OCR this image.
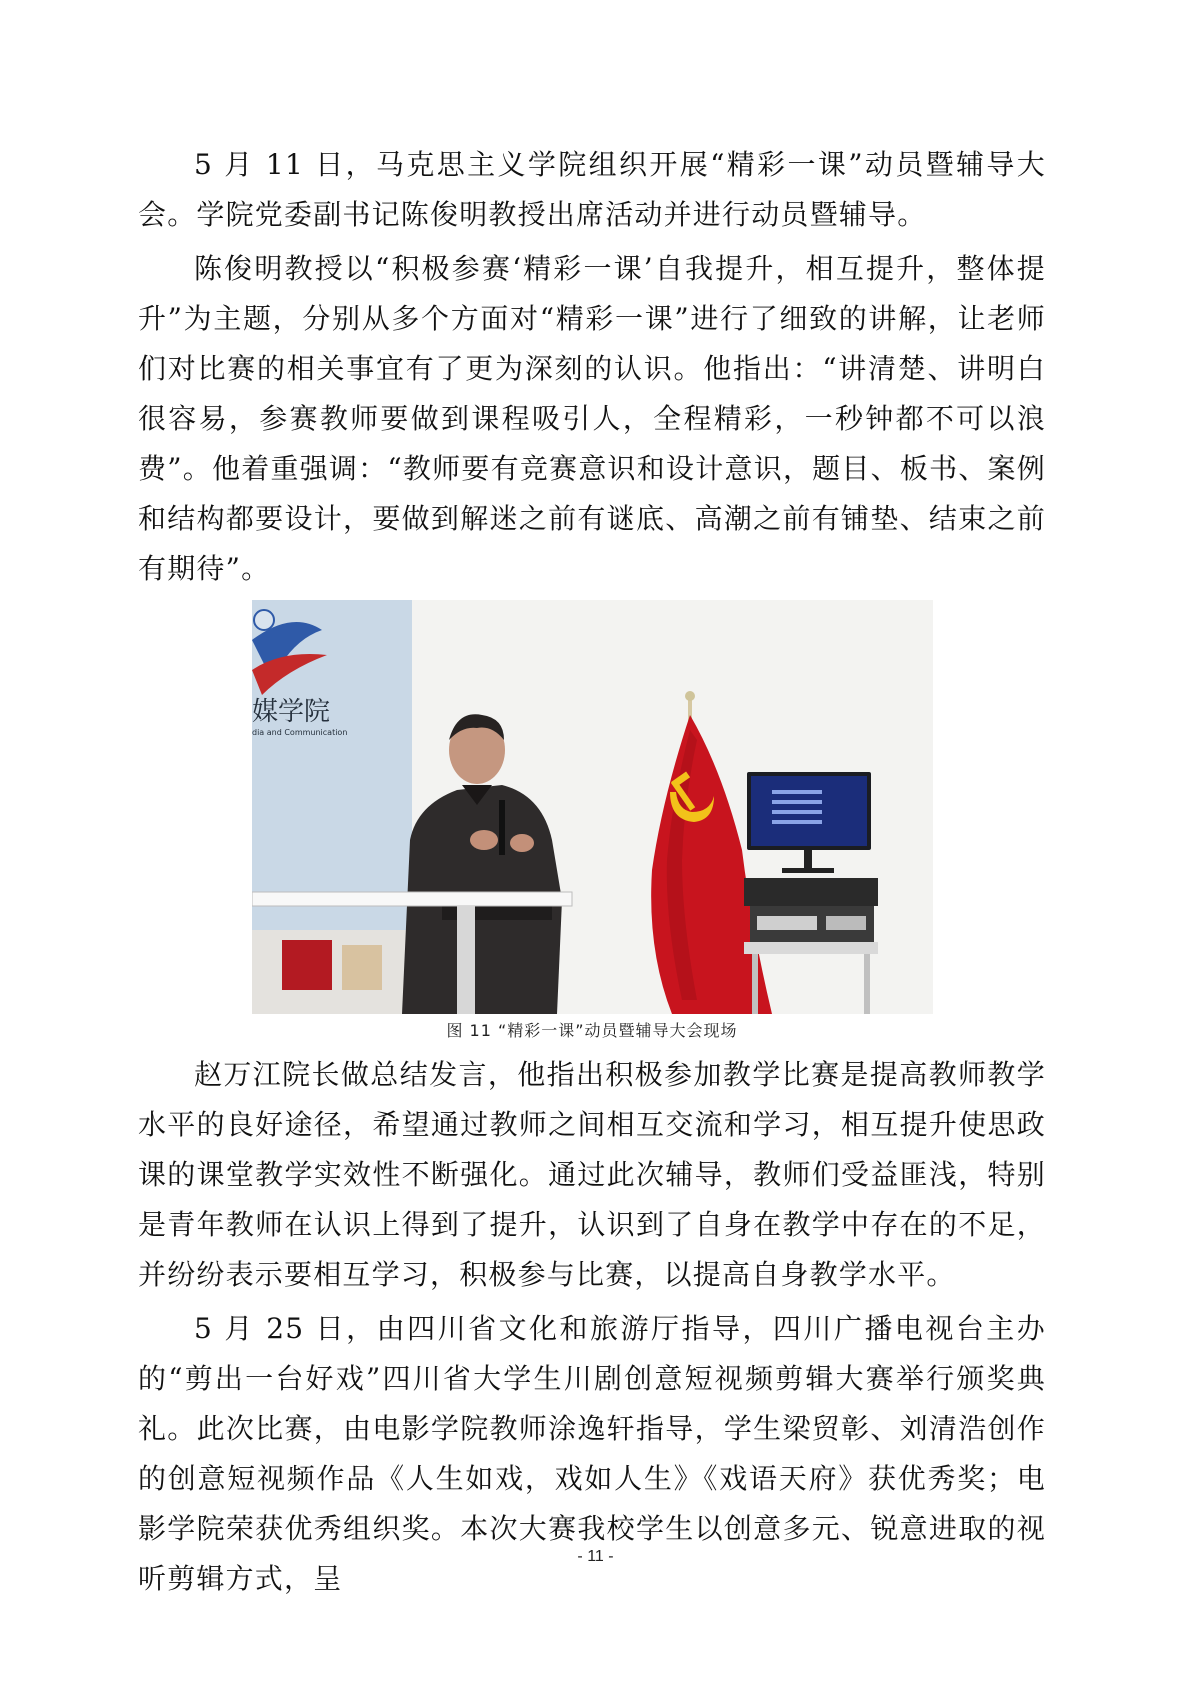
5 月 11 日，马克思主义学院组织开展“精彩一课”动员暨辅导大会。学院党委副书记陈俊明教授出席活动并进行动员暨辅导。

陈俊明教授以“积极参赛‘精彩一课’自我提升，相互提升，整体提升”为主题，分别从多个方面对“精彩一课”进行了细致的讲解，让老师们对比赛的相关事宜有了更为深刻的认识。他指出：“讲清楚、讲明白很容易，参赛教师要做到课程吸引人，全程精彩，一秒钟都不可以浪费”。他着重强调：“教师要有竞赛意识和设计意识，题目、板书、案例和结构都要设计，要做到解迷之前有谜底、高潮之前有铺垫、结束之前有期待”。

媒学院
dia and Communication
图 11 “精彩一课”动员暨辅导大会现场

赵万江院长做总结发言，他指出积极参加教学比赛是提高教师教学水平的良好途径，希望通过教师之间相互交流和学习，相互提升使思政课的课堂教学实效性不断强化。通过此次辅导，教师们受益匪浅，特别是青年教师在认识上得到了提升，认识到了自身在教学中存在的不足，并纷纷表示要相互学习，积极参与比赛，以提高自身教学水平。

5 月 25 日，由四川省文化和旅游厅指导，四川广播电视台主办的“剪出一台好戏”四川省大学生川剧创意短视频剪辑大赛举行颁奖典礼。此次比赛，由电影学院教师涂逸轩指导，学生梁贸彰、刘清浩创作的创意短视频作品《人生如戏，戏如人生》《戏语天府》获优秀奖；电影学院荣获优秀组织奖。本次大赛我校学生以创意多元、锐意进取的视听剪辑方式，呈

- 11 -
